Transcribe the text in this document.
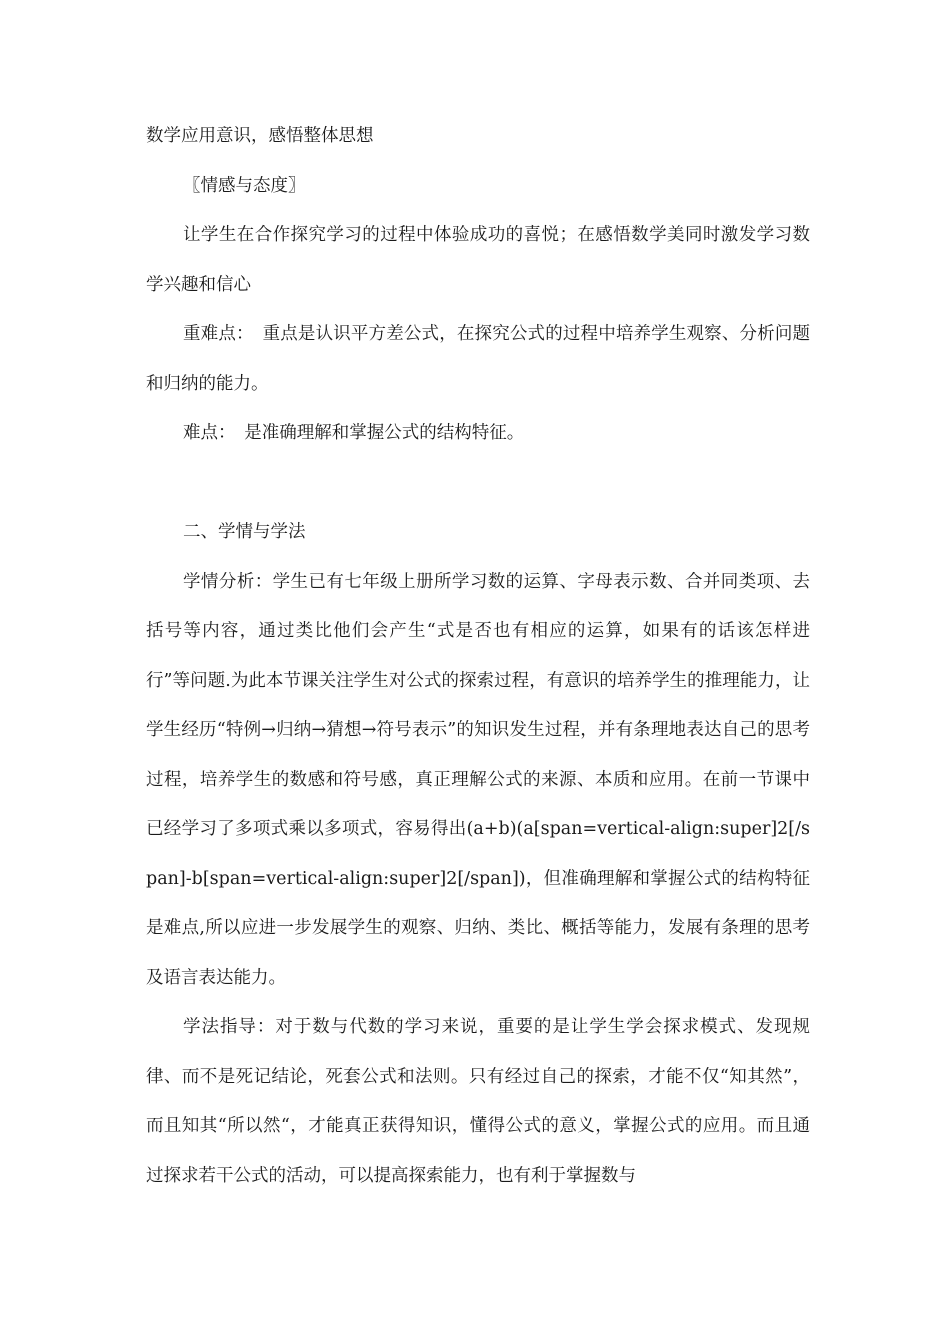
数学应用意识，感悟整体思想

〖情感与态度〗

让学生在合作探究学习的过程中体验成功的喜悦；在感悟数学美同时激发学习数学兴趣和信心

重难点：　重点是认识平方差公式，在探究公式的过程中培养学生观察、分析问题和归纳的能力。

难点：　是准确理解和掌握公式的结构特征。

二、学情与学法

学情分析：学生已有七年级上册所学习数的运算、字母表示数、合并同类项、去括号等内容，通过类比他们会产生“式是否也有相应的运算，如果有的话该怎样进行”等问题.为此本节课关注学生对公式的探索过程，有意识的培养学生的推理能力，让学生经历“特例→归纳→猜想→符号表示”的知识发生过程，并有条理地表达自己的思考过程，培养学生的数感和符号感，真正理解公式的来源、本质和应用。在前一节课中已经学习了多项式乘以多项式，容易得出(a+b)(a[span=vertical-align:super]2[/span]-b[span=vertical-align:super]2[/span])，但准确理解和掌握公式的结构特征是难点,所以应进一步发展学生的观察、归纳、类比、概括等能力，发展有条理的思考及语言表达能力。

学法指导：对于数与代数的学习来说，重要的是让学生学会探求模式、发现规律、而不是死记结论，死套公式和法则。只有经过自己的探索，才能不仅“知其然”，而且知其“所以然“，才能真正获得知识，懂得公式的意义，掌握公式的应用。而且通过探求若干公式的活动，可以提高探索能力，也有利于掌握数与
